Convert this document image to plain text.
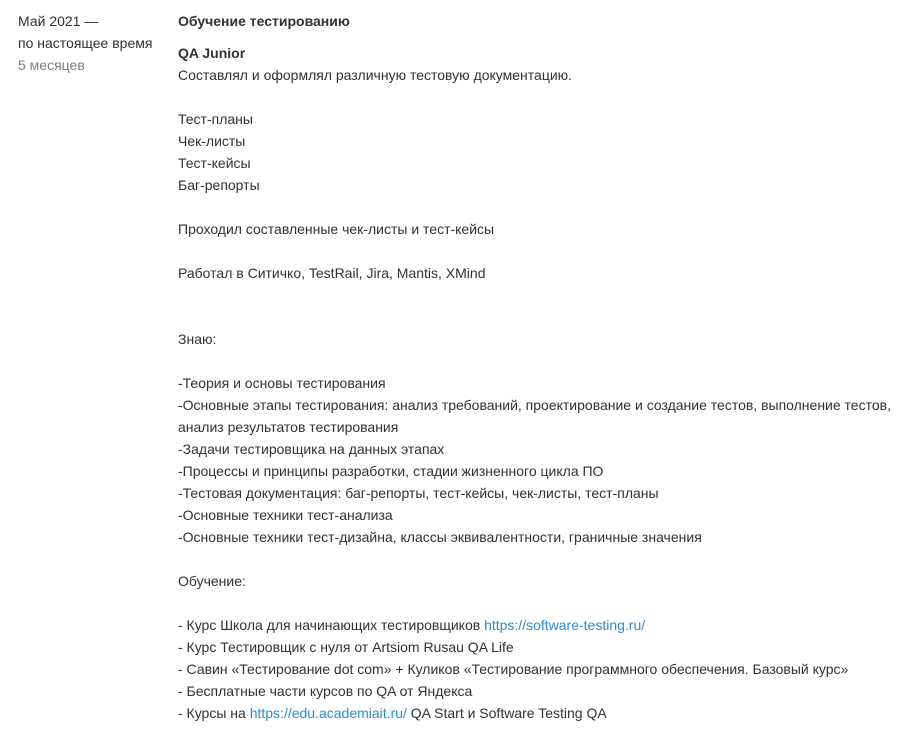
Май 2021 —
по настоящее время
5 месяцев
Обучение тестированию
QA Junior
Составлял и оформлял различную тестовую документацию.
Тест-планы
Чек-листы
Тест-кейсы
Баг-репорты
Проходил составленные чек-листы и тест-кейсы
Работал в Ситичко, TestRail, Jira, Mantis, XMind
Знаю:
-Теория и основы тестирования
-Основные этапы тестирования: анализ требований, проектирование и создание тестов, выполнение тестов,
анализ результатов тестирования
-Задачи тестировщика на данных этапах
-Процессы и принципы разработки, стадии жизненного цикла ПО
-Тестовая документация: баг-репорты, тест-кейсы, чек-листы, тест-планы
-Основные техники тест-анализа
-Основные техники тест-дизайна, классы эквивалентности, граничные значения
Обучение:
- Курс Школа для начинающих тестировщиков https://software-testing.ru/
- Курс Тестировщик с нуля от Artsiom Rusau QA Life
- Савин «Тестирование dot com» + Куликов «Тестирование программного обеспечения. Базовый курс»
- Бесплатные части курсов по QA от Яндекса
- Курсы на https://edu.academiait.ru/ QA Start и Software Testing QA
